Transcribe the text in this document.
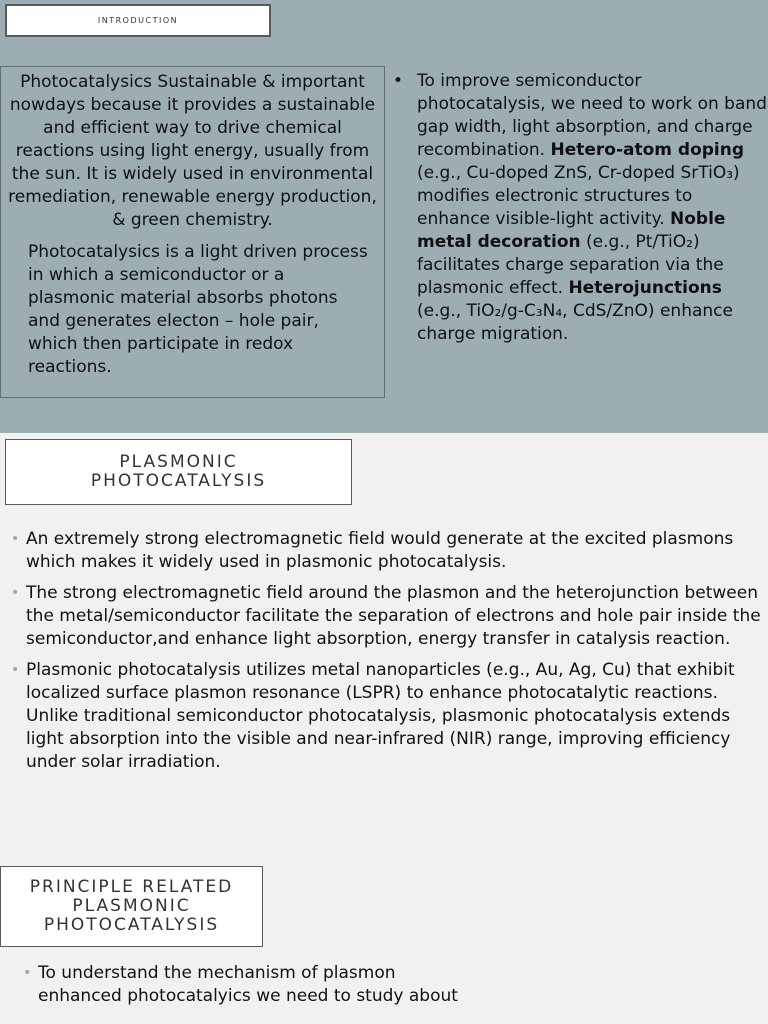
INTRODUCTION

Photocatalysics Sustainable & important nowdays because it provides a sustainable and efficient way to drive chemical reactions using light energy, usually from the sun. It is widely used in environmental remediation, renewable energy production, & green chemistry.

Photocatalysics is a light driven process in which a semiconductor or a plasmonic material absorbs photons and generates electon – hole pair, which then participate in redox reactions.

• To improve semiconductor photocatalysis, we need to work on band gap width, light absorption, and charge recombination. Hetero-atom doping (e.g., Cu-doped ZnS, Cr-doped SrTiO₃) modifies electronic structures to enhance visible-light activity. Noble metal decoration (e.g., Pt/TiO₂) facilitates charge separation via the plasmonic effect. Heterojunctions (e.g., TiO₂/g-C₃N₄, CdS/ZnO) enhance charge migration.
PLASMONIC
PHOTOCATALYSIS
• An extremely strong electromagnetic field would generate at the excited plasmons which makes it widely used in plasmonic photocatalysis.
• The strong electromagnetic field around the plasmon and the heterojunction between the metal/semiconductor facilitate the separation of electrons and hole pair inside the semiconductor,and enhance light absorption, energy transfer in catalysis reaction.
• Plasmonic photocatalysis utilizes metal nanoparticles (e.g., Au, Ag, Cu) that exhibit localized surface plasmon resonance (LSPR) to enhance photocatalytic reactions. Unlike traditional semiconductor photocatalysis, plasmonic photocatalysis extends light absorption into the visible and near-infrared (NIR) range, improving efficiency under solar irradiation.
PRINCIPLE RELATED
PLASMONIC
PHOTOCATALYSIS
• To understand the mechanism of plasmon enhanced photocatalyics we need to study about
